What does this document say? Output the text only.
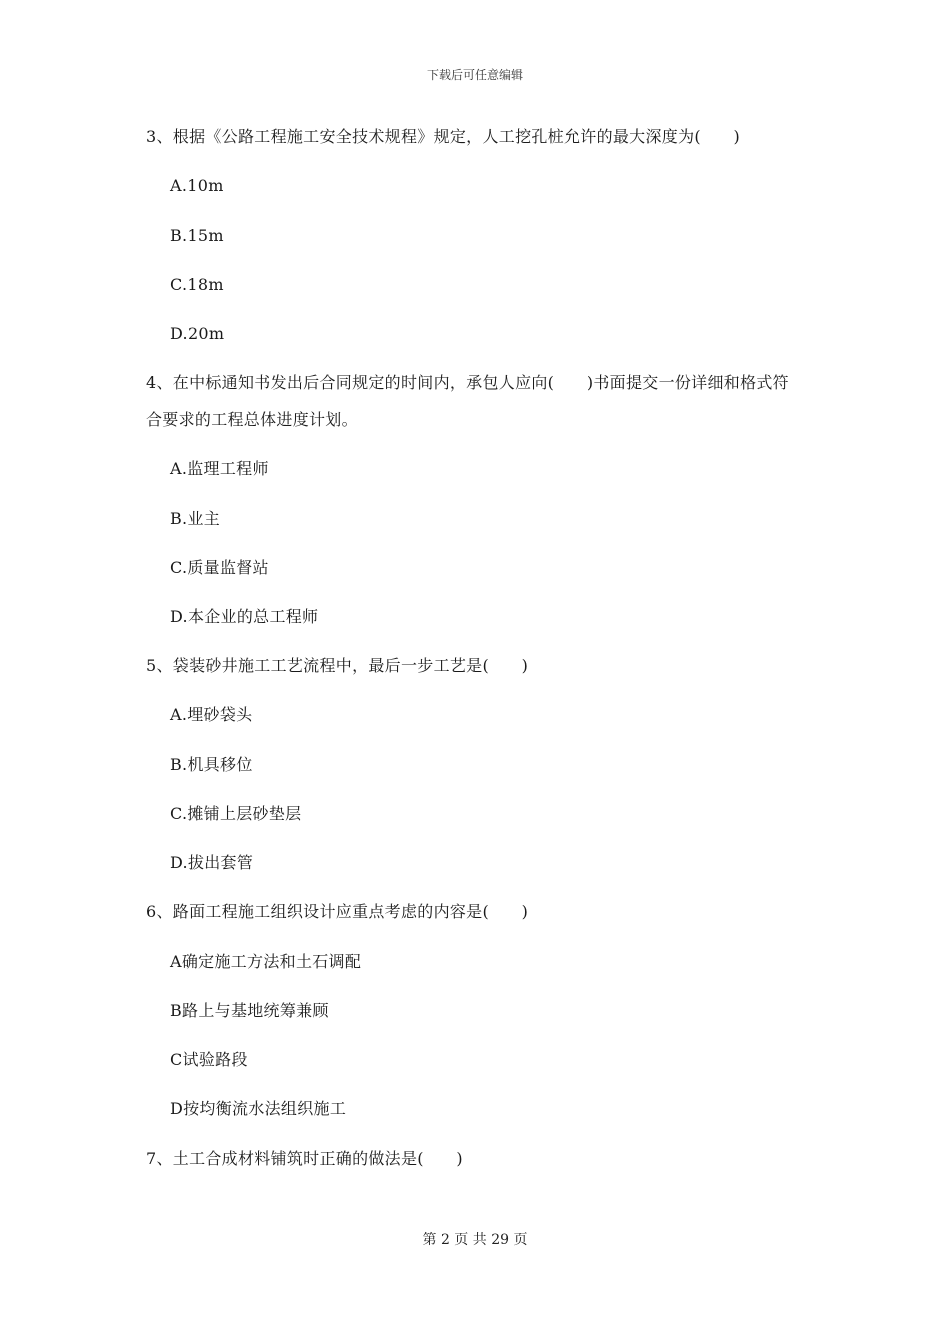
下载后可任意编辑
3、根据《公路工程施工安全技术规程》规定，人工挖孔桩允许的最大深度为(　　)
A.10m
B.15m
C.18m
D.20m
4、在中标通知书发出后合同规定的时间内，承包人应向(　　)书面提交一份详细和格式符
合要求的工程总体进度计划。
A.监理工程师
B.业主
C.质量监督站
D.本企业的总工程师
5、袋装砂井施工工艺流程中，最后一步工艺是(　　)
A.埋砂袋头
B.机具移位
C.摊铺上层砂垫层
D.拔出套管
6、路面工程施工组织设计应重点考虑的内容是(　　)
A确定施工方法和土石调配
B路上与基地统筹兼顾
C试验路段
D按均衡流水法组织施工
7、土工合成材料铺筑时正确的做法是(　　)
第 2 页 共 29 页
